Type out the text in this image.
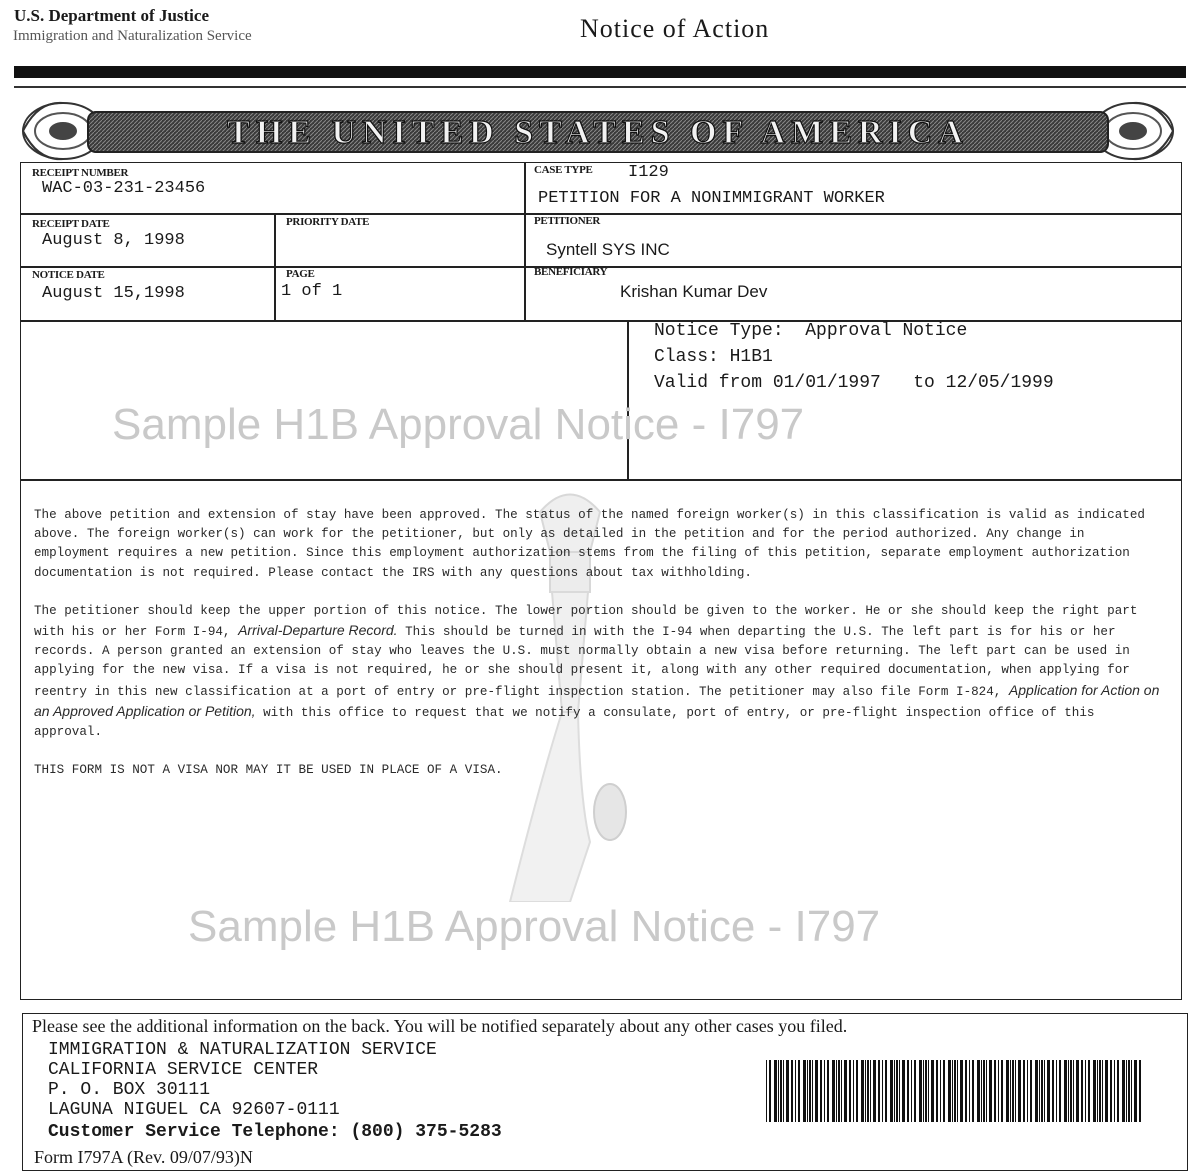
U.S. Department of Justice
Immigration and Naturalization Service	Notice of Action
THE UNITED STATES OF AMERICA
RECEIPT NUMBER
WAC-03-231-23456
CASE TYPE I129
PETITION FOR A NONIMMIGRANT WORKER
RECEIPT DATE
August 8, 1998
PRIORITY DATE	PETITIONER
Syntell SYS INC
NOTICE DATE
August 15,1998
PAGE
1 of 1
BENEFICIARY
Krishan Kumar Dev
Notice Type:  Approval Notice
Class: H1B1
Valid from 01/01/1997   to 12/05/1999
Sample H1B Approval Notice - I797

The above petition and extension of stay have been approved. The status of the named foreign worker(s) in this classification is valid as indicated above. The foreign worker(s) can work for the petitioner, but only as detailed in the petition and for the period authorized. Any change in employment requires a new petition. Since this employment authorization stems from the filing of this petition, separate employment authorization documentation is not required. Please contact the IRS with any questions about tax withholding.

The petitioner should keep the upper portion of this notice. The lower portion should be given to the worker. He or she should keep the right part with his or her Form I-94, Arrival-Departure Record. This should be turned in with the I-94 when departing the U.S. The left part is for his or her records. A person granted an extension of stay who leaves the U.S. must normally obtain a new visa before returning. The left part can be used in applying for the new visa. If a visa is not required, he or she should present it, along with any other required documentation, when applying for reentry in this new classification at a port of entry or pre-flight inspection station. The petitioner may also file Form I-824, Application for Action on an Approved Application or Petition, with this office to request that we notify a consulate, port of entry, or pre-flight inspection office of this approval.

THIS FORM IS NOT A VISA NOR MAY IT BE USED IN PLACE OF A VISA.

Sample H1B Approval Notice - I797
Please see the additional information on the back. You will be notified separately about any other cases you filed.
IMMIGRATION & NATURALIZATION SERVICE
CALIFORNIA SERVICE CENTER
P. O. BOX 30111
LAGUNA NIGUEL CA 92607-0111
Customer Service Telephone: (800) 375-5283
Form I797A (Rev. 09/07/93)N
